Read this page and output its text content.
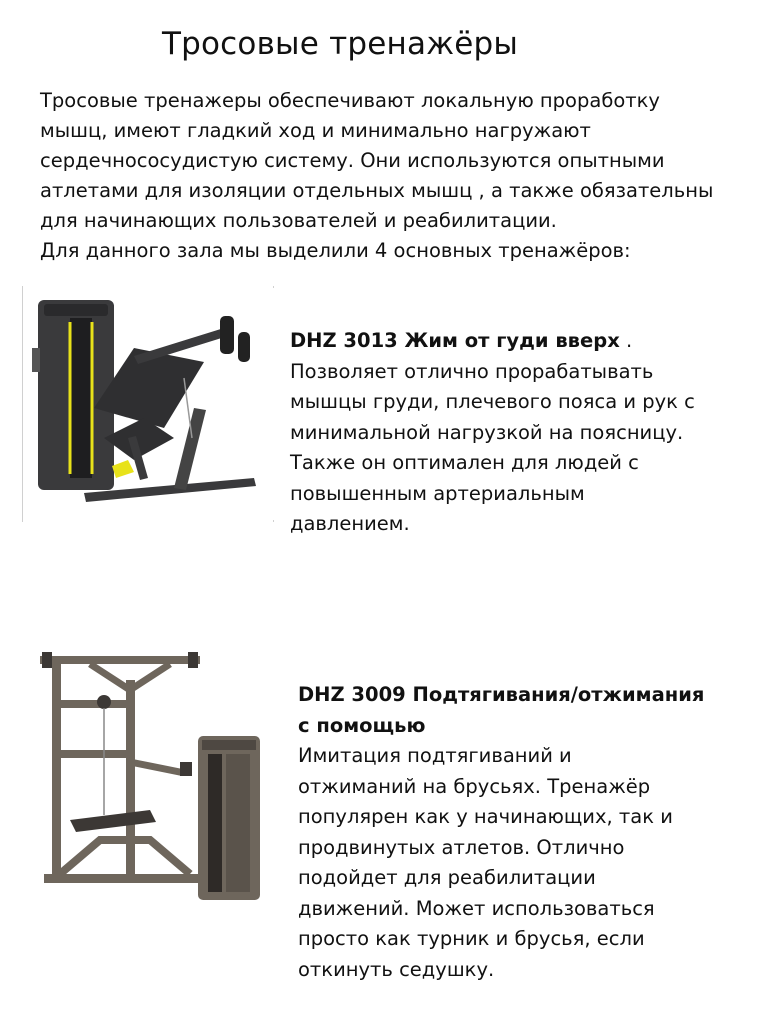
Тросовые тренажёры
Тросовые тренажеры обеспечивают локальную проработку
мышц, имеют гладкий ход и минимально нагружают
сердечнососудистую систему. Они используются опытными
атлетами для изоляции отдельных мышц , а также обязательны
для начинающих пользователей и реабилитации.
Для данного зала мы выделили 4 основных тренажёров:
DHZ 3013 Жим от гуди вверх .
Позволяет отлично прорабатывать
мышцы груди, плечевого пояса и рук с
минимальной нагрузкой на поясницу.
Также он оптимален для людей с
повышенным артериальным
давлением.
DHZ 3009 Подтягивания/отжимания
с помощью
Имитация подтягиваний и
отжиманий на брусьях. Тренажёр
популярен как у начинающих, так и
продвинутых атлетов. Отлично
подойдет для реабилитации
движений. Может использоваться
просто как турник и брусья, если
откинуть седушку.
